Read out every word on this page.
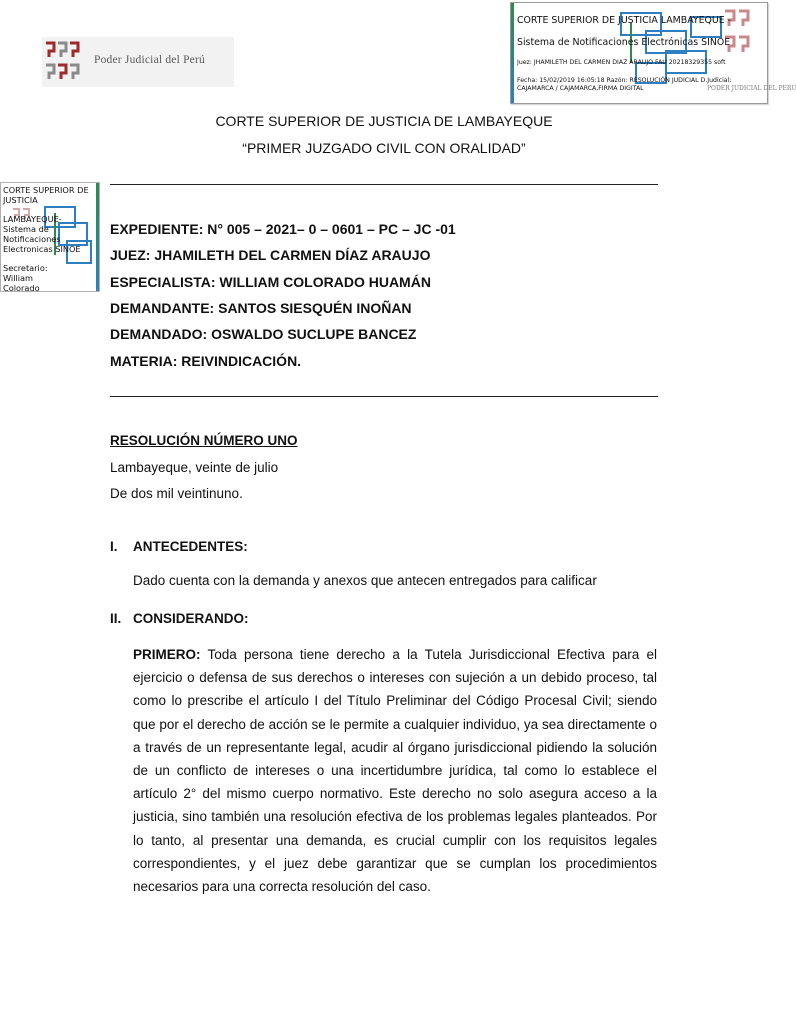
Poder Judicial del Perú
CORTE SUPERIOR DE JUSTICIA LAMBAYEQUE -
Sistema de Notificaciones Electrónicas SINOE
Juez: JHAMILETH DEL CARMEN DIAZ ARAUJO FAU 20218329355 soft
Fecha: 15/02/2019 16:05:18 Razón: RESOLUCIÓN JUDICIAL D.Judicial:
CAJAMARCA / CAJAMARCA,FIRMA DIGITAL	PODER JUDICIAL DEL PERÚ
CORTE SUPERIOR DE
JUSTICIA
LAMBAYEQUE-
Sistema de
Notificaciones
Electronicas SINOE
Secretario:
William
Colorado
CORTE SUPERIOR DE JUSTICIA DE LAMBAYEQUE
“PRIMER JUZGADO CIVIL CON ORALIDAD”
EXPEDIENTE: N° 005 – 2021– 0 – 0601 – PC – JC -01
JUEZ: JHAMILETH DEL CARMEN DÍAZ ARAUJO
ESPECIALISTA: WILLIAM COLORADO HUAMÁN
DEMANDANTE: SANTOS SIESQUÉN INOÑAN
DEMANDADO: OSWALDO SUCLUPE BANCEZ
MATERIA: REIVINDICACIÓN.
RESOLUCIÓN NÚMERO UNO
Lambayeque, veinte de julio
De dos mil veintinuno.
I. ANTECEDENTES:
Dado cuenta con la demanda y anexos que antecen entregados para calificar
II. CONSIDERANDO:
PRIMERO: Toda persona tiene derecho a la Tutela Jurisdiccional Efectiva para el ejercicio o defensa de sus derechos o intereses con sujeción a un debido proceso, tal como lo prescribe el artículo I del Título Preliminar del Código Procesal Civil; siendo que por el derecho de acción se le permite a cualquier individuo, ya sea directamente o a través de un representante legal, acudir al órgano jurisdiccional pidiendo la solución de un conflicto de intereses o una incertidumbre jurídica, tal como lo establece el artículo 2° del mismo cuerpo normativo. Este derecho no solo asegura acceso a la justicia, sino también una resolución efectiva de los problemas legales planteados. Por lo tanto, al presentar una demanda, es crucial cumplir con los requisitos legales correspondientes, y el juez debe garantizar que se cumplan los procedimientos necesarios para una correcta resolución del caso.
